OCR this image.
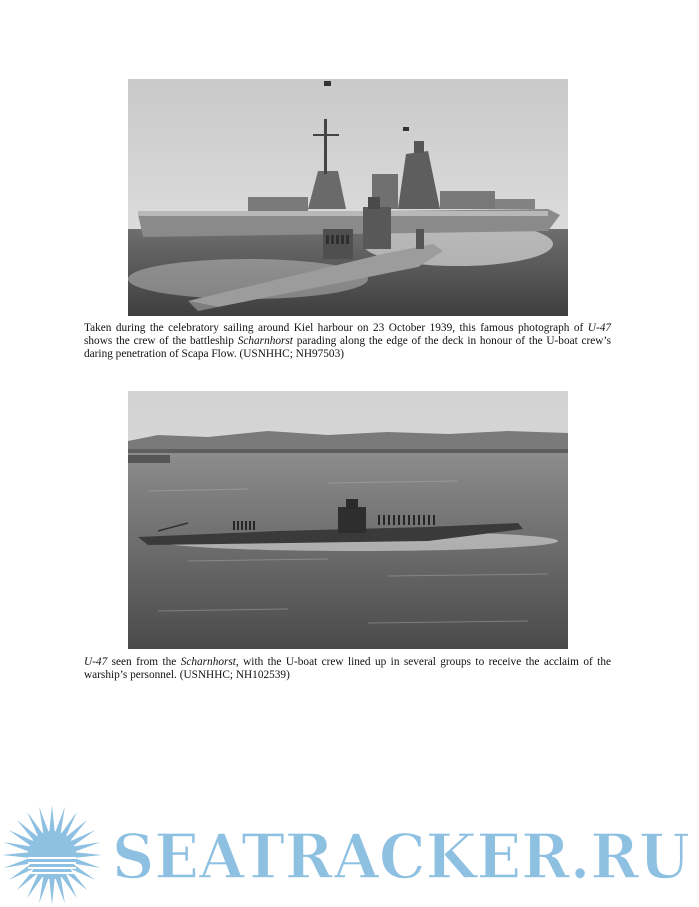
Taken during the celebratory sailing around Kiel harbour on 23 October 1939, this famous photograph of U-47 shows the crew of the battleship Scharnhorst parading along the edge of the deck in honour of the U-boat crew’s daring penetration of Scapa Flow. (USNHHC; NH97503)

U-47 seen from the Scharnhorst, with the U-boat crew lined up in several groups to receive the acclaim of the warship’s personnel. (USNHHC; NH102539)

SEATRACKER.RU
